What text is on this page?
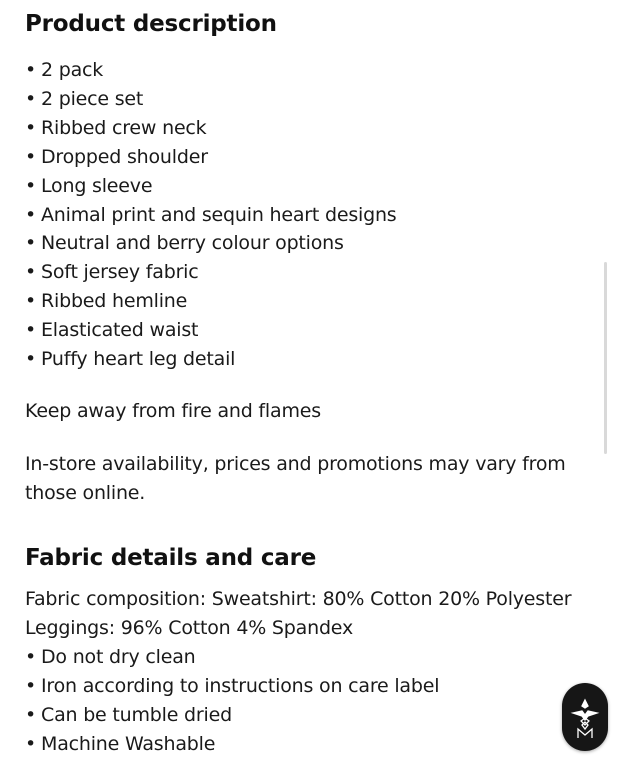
Product description
• 2 pack
• 2 piece set
• Ribbed crew neck
• Dropped shoulder
• Long sleeve
• Animal print and sequin heart designs
• Neutral and berry colour options
• Soft jersey fabric
• Ribbed hemline
• Elasticated waist
• Puffy heart leg detail
Keep away from fire and flames
In-store availability, prices and promotions may vary from those online.
Fabric details and care
Fabric composition: Sweatshirt: 80% Cotton 20% Polyester
Leggings: 96% Cotton 4% Spandex
• Do not dry clean
• Iron according to instructions on care label
• Can be tumble dried
• Machine Washable
